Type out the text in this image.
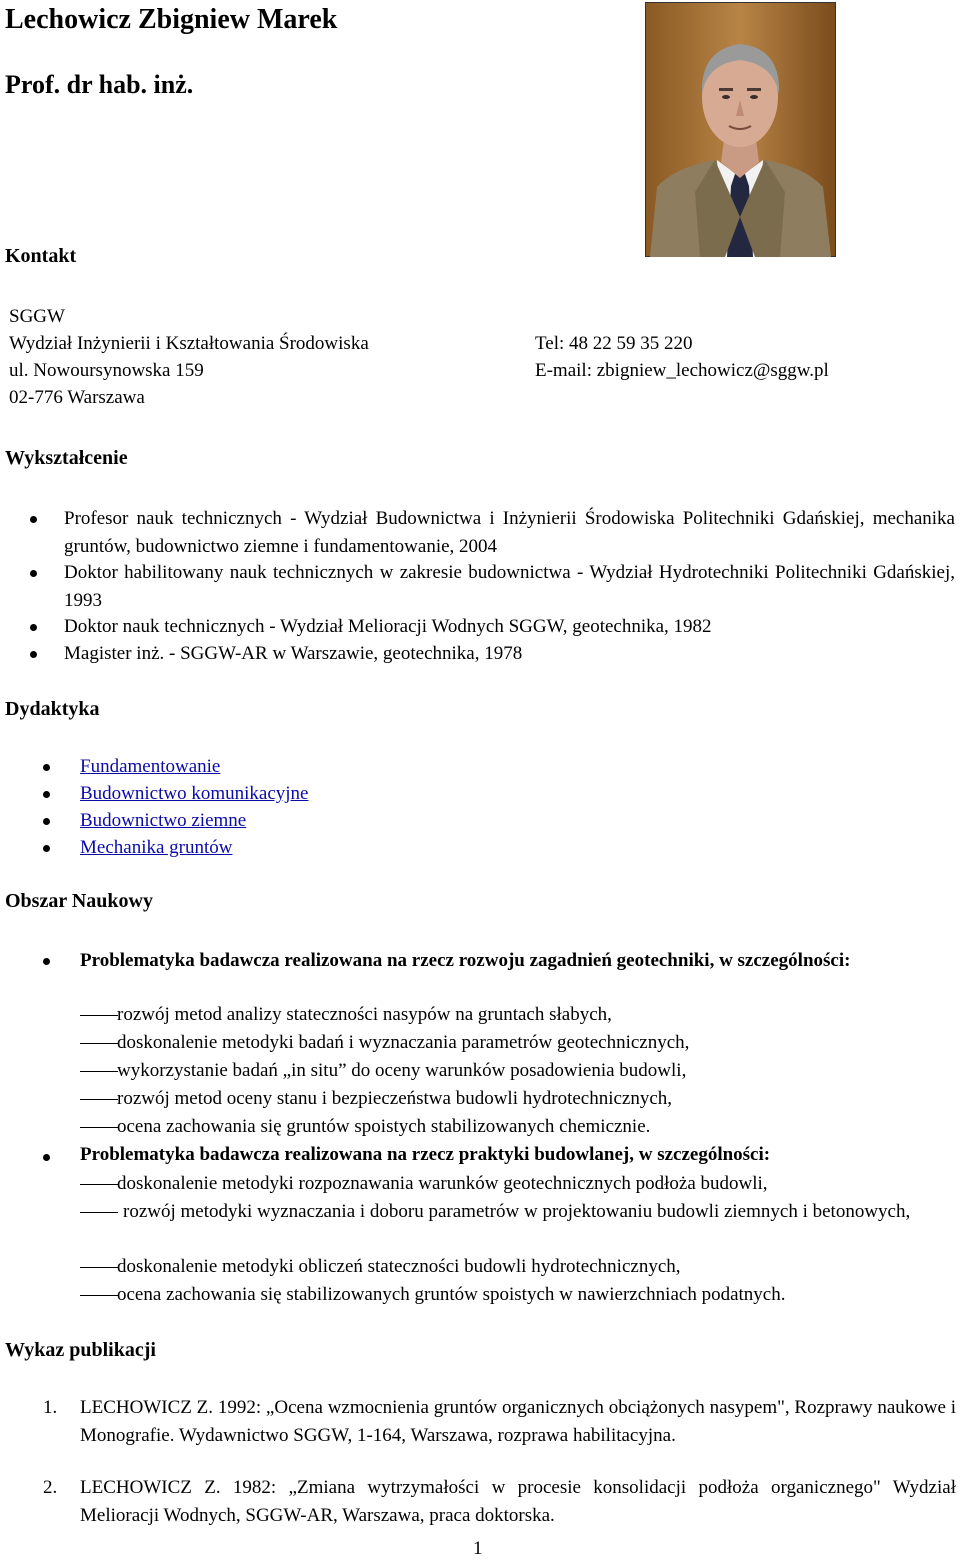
Lechowicz Zbigniew Marek
Prof. dr hab. inż.
Kontakt
SGGW
Wydział Inżynierii i Kształtowania Środowiska
ul. Nowoursynowska 159
02-776 Warszawa
Tel: 48 22 59 35 220
E-mail: zbigniew_lechowicz@sggw.pl
Wykształcenie
Profesor nauk technicznych - Wydział Budownictwa i Inżynierii Środowiska Politechniki Gdańskiej, mechanika gruntów, budownictwo ziemne i fundamentowanie, 2004
Doktor habilitowany nauk technicznych w zakresie budownictwa - Wydział Hydrotechniki Politechniki Gdańskiej, 1993
Doktor nauk technicznych - Wydział Melioracji Wodnych SGGW, geotechnika, 1982
Magister inż. - SGGW-AR w Warszawie, geotechnika, 1978
Dydaktyka
Fundamentowanie
Budownictwo komunikacyjne
Budownictwo ziemne
Mechanika gruntów
Obszar Naukowy
Problematyka badawcza realizowana na rzecz rozwoju zagadnień geotechniki, w szczególności:
rozwój metod analizy stateczności nasypów na gruntach słabych,
doskonalenie metodyki badań i wyznaczania parametrów geotechnicznych,
wykorzystanie badań „in situ” do oceny warunków posadowienia budowli,
rozwój metod oceny stanu i bezpieczeństwa budowli hydrotechnicznych,
ocena zachowania się gruntów spoistych stabilizowanych chemicznie.
Problematyka badawcza realizowana na rzecz praktyki budowlanej, w szczególności:
doskonalenie metodyki rozpoznawania warunków geotechnicznych podłoża budowli,
rozwój metodyki wyznaczania i doboru parametrów w projektowaniu budowli ziemnych i betonowych,
doskonalenie metodyki obliczeń stateczności budowli hydrotechnicznych,
ocena zachowania się stabilizowanych gruntów spoistych w nawierzchniach podatnych.
Wykaz publikacji
1. LECHOWICZ Z. 1992: „Ocena wzmocnienia gruntów organicznych obciążonych nasypem", Rozprawy naukowe i Monografie. Wydawnictwo SGGW, 1-164, Warszawa, rozprawa habilitacyjna.
2. LECHOWICZ Z. 1982: „Zmiana wytrzymałości w procesie konsolidacji podłoża organicznego" Wydział Melioracji Wodnych, SGGW-AR, Warszawa, praca doktorska.
1
